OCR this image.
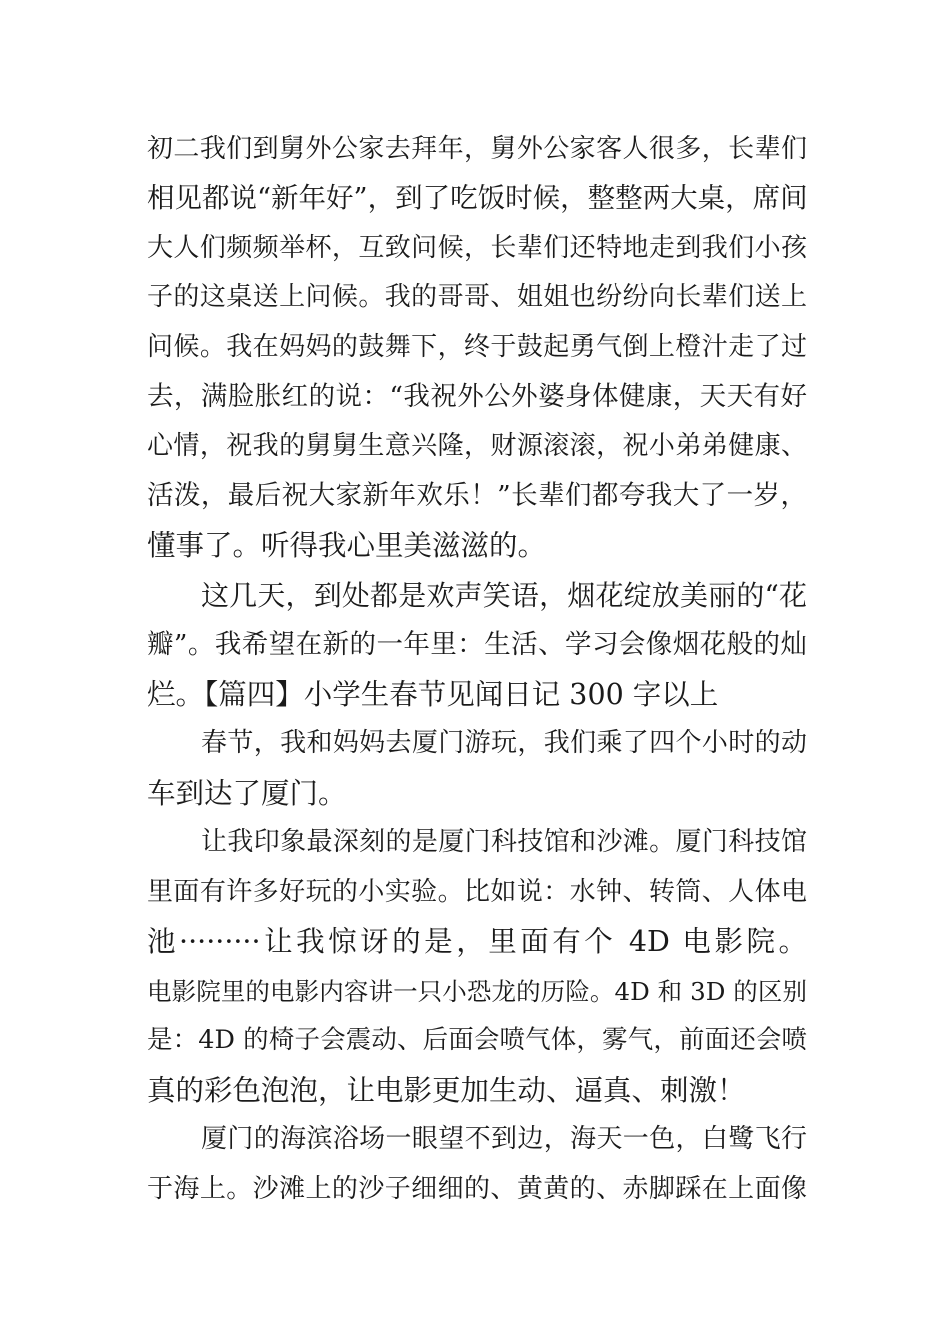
初二我们到舅外公家去拜年，舅外公家客人很多，长辈们
相见都说“新年好”，到了吃饭时候，整整两大桌，席间
大人们频频举杯，互致问候，长辈们还特地走到我们小孩
子的这桌送上问候。我的哥哥、姐姐也纷纷向长辈们送上
问候。我在妈妈的鼓舞下，终于鼓起勇气倒上橙汁走了过
去，满脸胀红的说：“我祝外公外婆身体健康，天天有好
心情，祝我的舅舅生意兴隆，财源滚滚，祝小弟弟健康、
活泼，最后祝大家新年欢乐！”长辈们都夸我大了一岁，
懂事了。听得我心里美滋滋的。
这几天，到处都是欢声笑语，烟花绽放美丽的“花
瓣”。我希望在新的一年里：生活、学习会像烟花般的灿
烂。【篇四】小学生春节见闻日记 300 字以上
春节，我和妈妈去厦门游玩，我们乘了四个小时的动
车到达了厦门。
让我印象最深刻的是厦门科技馆和沙滩。厦门科技馆
里面有许多好玩的小实验。比如说：水钟、转筒、人体电
池·········让我惊讶的是，里面有个 4D 电影院。
电影院里的电影内容讲一只小恐龙的历险。4D 和 3D 的区别
是：4D 的椅子会震动、后面会喷气体，雾气，前面还会喷
真的彩色泡泡，让电影更加生动、逼真、刺激！
厦门的海滨浴场一眼望不到边，海天一色，白鹭飞行
于海上。沙滩上的沙子细细的、黄黄的、赤脚踩在上面像
